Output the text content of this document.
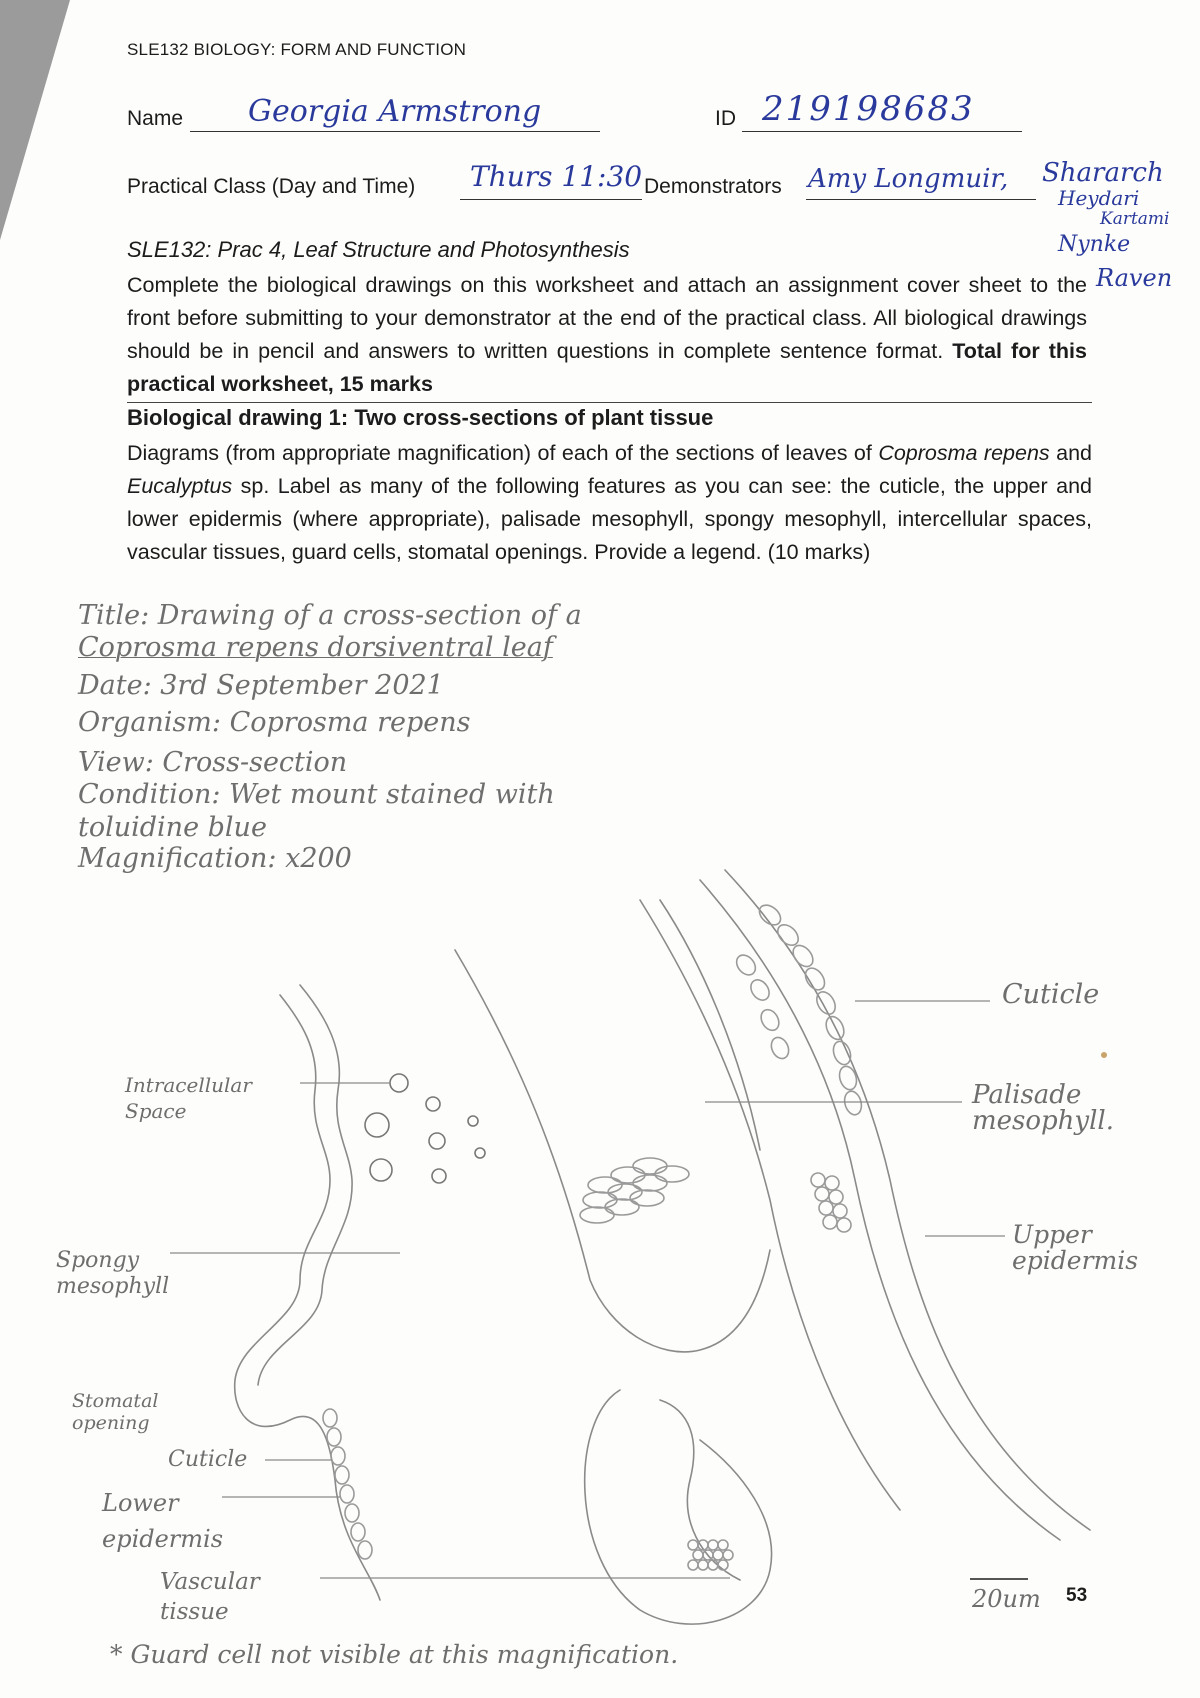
SLE132 BIOLOGY: FORM AND FUNCTION
Name Georgia Armstrong	ID 219198683
Practical Class (Day and Time) Thurs 11:30 Demonstrators Amy Longmuir, Shararch
Heydari
Kartami
Nynke
Raven
SLE132: Prac 4, Leaf Structure and Photosynthesis
Complete the biological drawings on this worksheet and attach an assignment cover sheet to the front before submitting to your demonstrator at the end of the practical class. All biological drawings should be in pencil and answers to written questions in complete sentence format. Total for this practical worksheet, 15 marks
Biological drawing 1: Two cross-sections of plant tissue
Diagrams (from appropriate magnification) of each of the sections of leaves of Coprosma repens and Eucalyptus sp. Label as many of the following features as you can see: the cuticle, the upper and lower epidermis (where appropriate), palisade mesophyll, spongy mesophyll, intercellular spaces, vascular tissues, guard cells, stomatal openings. Provide a legend. (10 marks)
Title: Drawing of a cross-section of a
Coprosma repens dorsiventral leaf
Date: 3rd September 2021
Organism: Coprosma repens
View: Cross-section
Condition: Wet mount stained with
toluidine blue
Magnification: x200
Cuticle
Palisade mesophyll.
Upper epidermis
Intracellular Space
Spongy mesophyll
Stomatal opening
Cuticle
Lower epidermis
Vascular tissue	20um 53
* Guard cell not visible at this magnification.
